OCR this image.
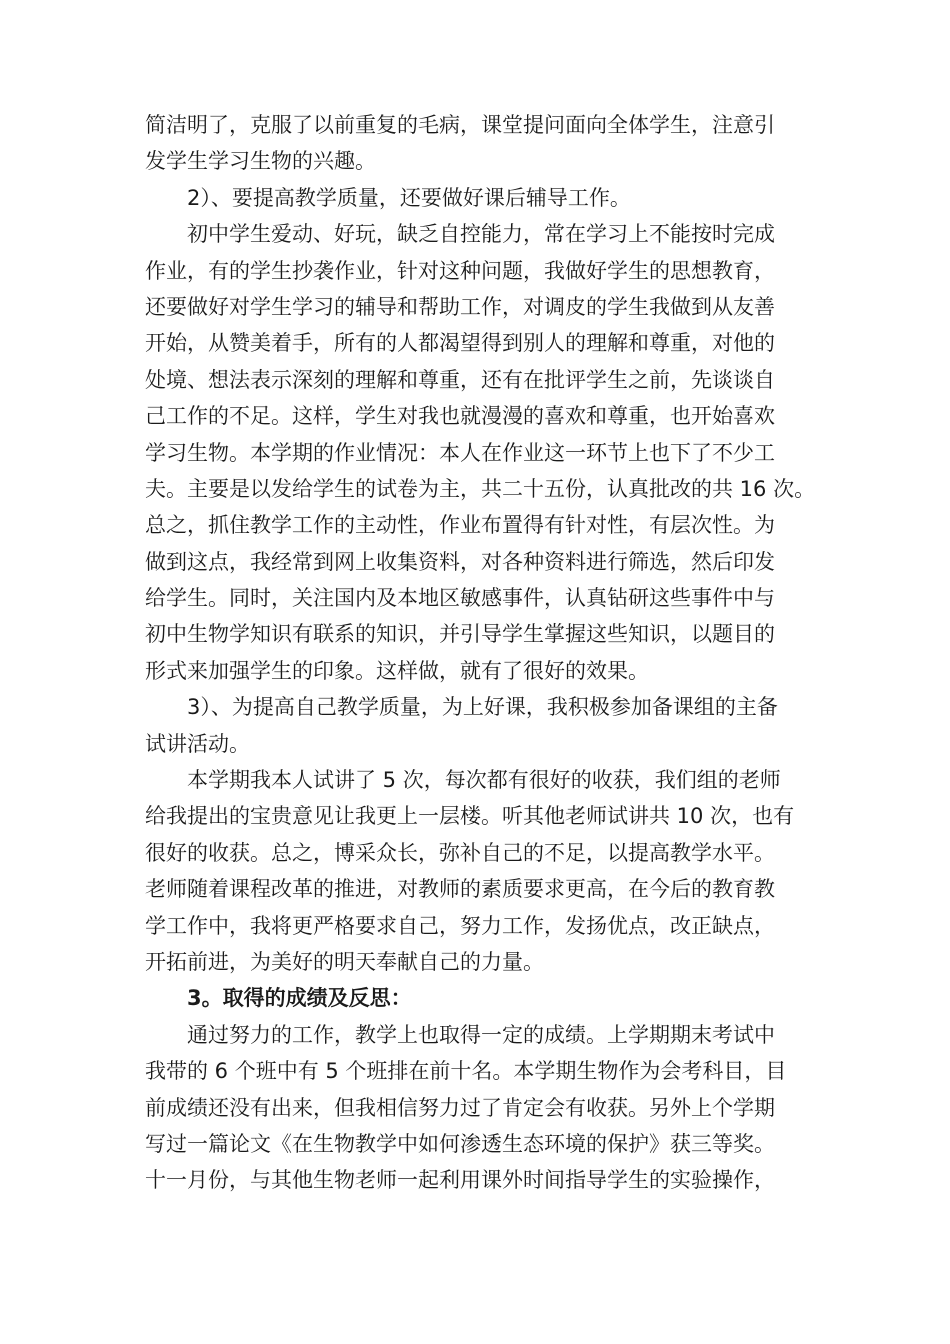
简洁明了，克服了以前重复的毛病，课堂提问面向全体学生，注意引
发学生学习生物的兴趣。
2）、要提高教学质量，还要做好课后辅导工作。
初中学生爱动、好玩，缺乏自控能力，常在学习上不能按时完成
作业，有的学生抄袭作业，针对这种问题，我做好学生的思想教育，
还要做好对学生学习的辅导和帮助工作，对调皮的学生我做到从友善
开始，从赞美着手，所有的人都渴望得到别人的理解和尊重，对他的
处境、想法表示深刻的理解和尊重，还有在批评学生之前，先谈谈自
己工作的不足。这样，学生对我也就漫漫的喜欢和尊重，也开始喜欢
学习生物。本学期的作业情况：本人在作业这一环节上也下了不少工
夫。主要是以发给学生的试卷为主，共二十五份，认真批改的共 16 次。
总之，抓住教学工作的主动性，作业布置得有针对性，有层次性。为
做到这点，我经常到网上收集资料，对各种资料进行筛选，然后印发
给学生。同时，关注国内及本地区敏感事件，认真钻研这些事件中与
初中生物学知识有联系的知识，并引导学生掌握这些知识，以题目的
形式来加强学生的印象。这样做，就有了很好的效果。
3）、为提高自己教学质量，为上好课，我积极参加备课组的主备
试讲活动。
本学期我本人试讲了 5 次，每次都有很好的收获，我们组的老师
给我提出的宝贵意见让我更上一层楼。听其他老师试讲共 10 次，也有
很好的收获。总之，博采众长，弥补自己的不足，以提高教学水平。
老师随着课程改革的推进，对教师的素质要求更高，在今后的教育教
学工作中，我将更严格要求自己，努力工作，发扬优点，改正缺点，
开拓前进，为美好的明天奉献自己的力量。
3。取得的成绩及反思：
通过努力的工作，教学上也取得一定的成绩。上学期期末考试中
我带的 6 个班中有 5 个班排在前十名。本学期生物作为会考科目，目
前成绩还没有出来，但我相信努力过了肯定会有收获。另外上个学期
写过一篇论文《在生物教学中如何渗透生态环境的保护》获三等奖。
十一月份，与其他生物老师一起利用课外时间指导学生的实验操作，
